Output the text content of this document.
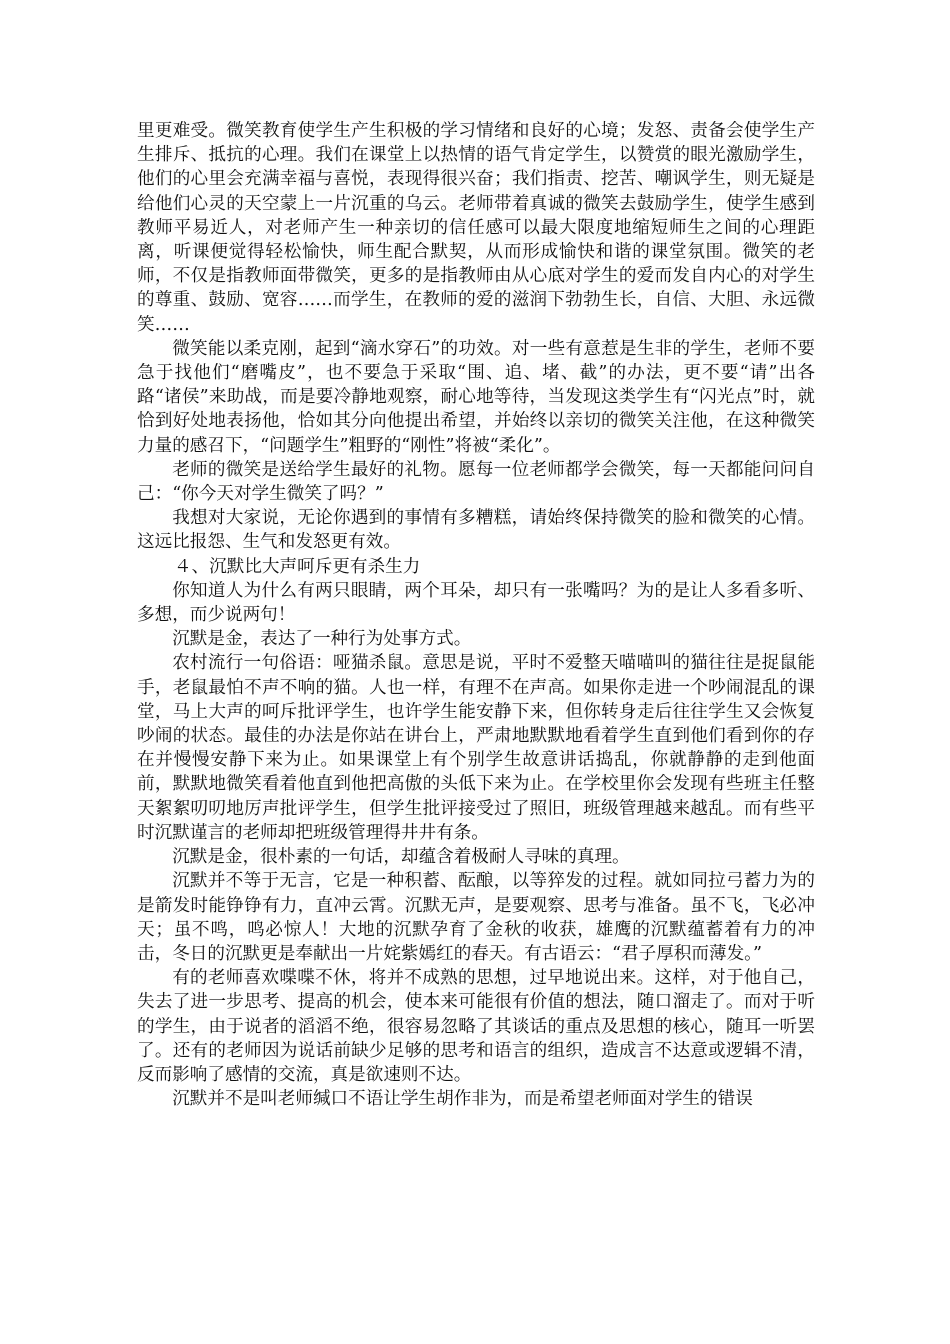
里更难受。微笑教育使学生产生积极的学习情绪和良好的心境；发怒、责备会使学生产生排斥、抵抗的心理。我们在课堂上以热情的语气肯定学生，以赞赏的眼光激励学生，他们的心里会充满幸福与喜悦，表现得很兴奋；我们指责、挖苦、嘲讽学生，则无疑是给他们心灵的天空蒙上一片沉重的乌云。老师带着真诚的微笑去鼓励学生，使学生感到教师平易近人，对老师产生一种亲切的信任感可以最大限度地缩短师生之间的心理距离，听课便觉得轻松愉快，师生配合默契，从而形成愉快和谐的课堂氛围。微笑的老师，不仅是指教师面带微笑，更多的是指教师由从心底对学生的爱而发自内心的对学生的尊重、鼓励、宽容……而学生，在教师的爱的滋润下勃勃生长，自信、大胆、永远微笑……

微笑能以柔克刚，起到“滴水穿石”的功效。对一些有意惹是生非的学生，老师不要急于找他们“磨嘴皮”，也不要急于采取“围、追、堵、截”的办法，更不要“请”出各路“诸侯”来助战，而是要冷静地观察，耐心地等待，当发现这类学生有“闪光点”时，就恰到好处地表扬他，恰如其分向他提出希望，并始终以亲切的微笑关注他，在这种微笑力量的感召下，“问题学生”粗野的“刚性”将被“柔化”。

老师的微笑是送给学生最好的礼物。愿每一位老师都学会微笑，每一天都能问问自己：“你今天对学生微笑了吗？”

我想对大家说，无论你遇到的事情有多糟糕，请始终保持微笑的脸和微笑的心情。这远比报怨、生气和发怒更有效。

４、沉默比大声呵斥更有杀生力

你知道人为什么有两只眼睛，两个耳朵，却只有一张嘴吗？为的是让人多看多听、多想，而少说两句！

沉默是金，表达了一种行为处事方式。

农村流行一句俗语：哑猫杀鼠。意思是说，平时不爱整天喵喵叫的猫往往是捉鼠能手，老鼠最怕不声不响的猫。人也一样，有理不在声高。如果你走进一个吵闹混乱的课堂，马上大声的呵斥批评学生，也许学生能安静下来，但你转身走后往往学生又会恢复吵闹的状态。最佳的办法是你站在讲台上，严肃地默默地看着学生直到他们看到你的存在并慢慢安静下来为止。如果课堂上有个别学生故意讲话捣乱，你就静静的走到他面前，默默地微笑看着他直到他把高傲的头低下来为止。在学校里你会发现有些班主任整天絮絮叨叨地厉声批评学生，但学生批评接受过了照旧，班级管理越来越乱。而有些平时沉默谨言的老师却把班级管理得井井有条。

沉默是金，很朴素的一句话，却蕴含着极耐人寻味的真理。

沉默并不等于无言，它是一种积蓄、酝酿，以等猝发的过程。就如同拉弓蓄力为的是箭发时能铮铮有力，直冲云霄。沉默无声，是要观察、思考与准备。虽不飞，飞必冲天；虽不鸣，鸣必惊人！大地的沉默孕育了金秋的收获，雄鹰的沉默蕴蓄着有力的冲击，冬日的沉默更是奉献出一片姹紫嫣红的春天。有古语云：“君子厚积而薄发。”

有的老师喜欢喋喋不休，将并不成熟的思想，过早地说出来。这样，对于他自己，失去了进一步思考、提高的机会，使本来可能很有价值的想法，随口溜走了。而对于听的学生，由于说者的滔滔不绝，很容易忽略了其谈话的重点及思想的核心，随耳一听罢了。还有的老师因为说话前缺少足够的思考和语言的组织，造成言不达意或逻辑不清，反而影响了感情的交流，真是欲速则不达。

沉默并不是叫老师缄口不语让学生胡作非为，而是希望老师面对学生的错误
